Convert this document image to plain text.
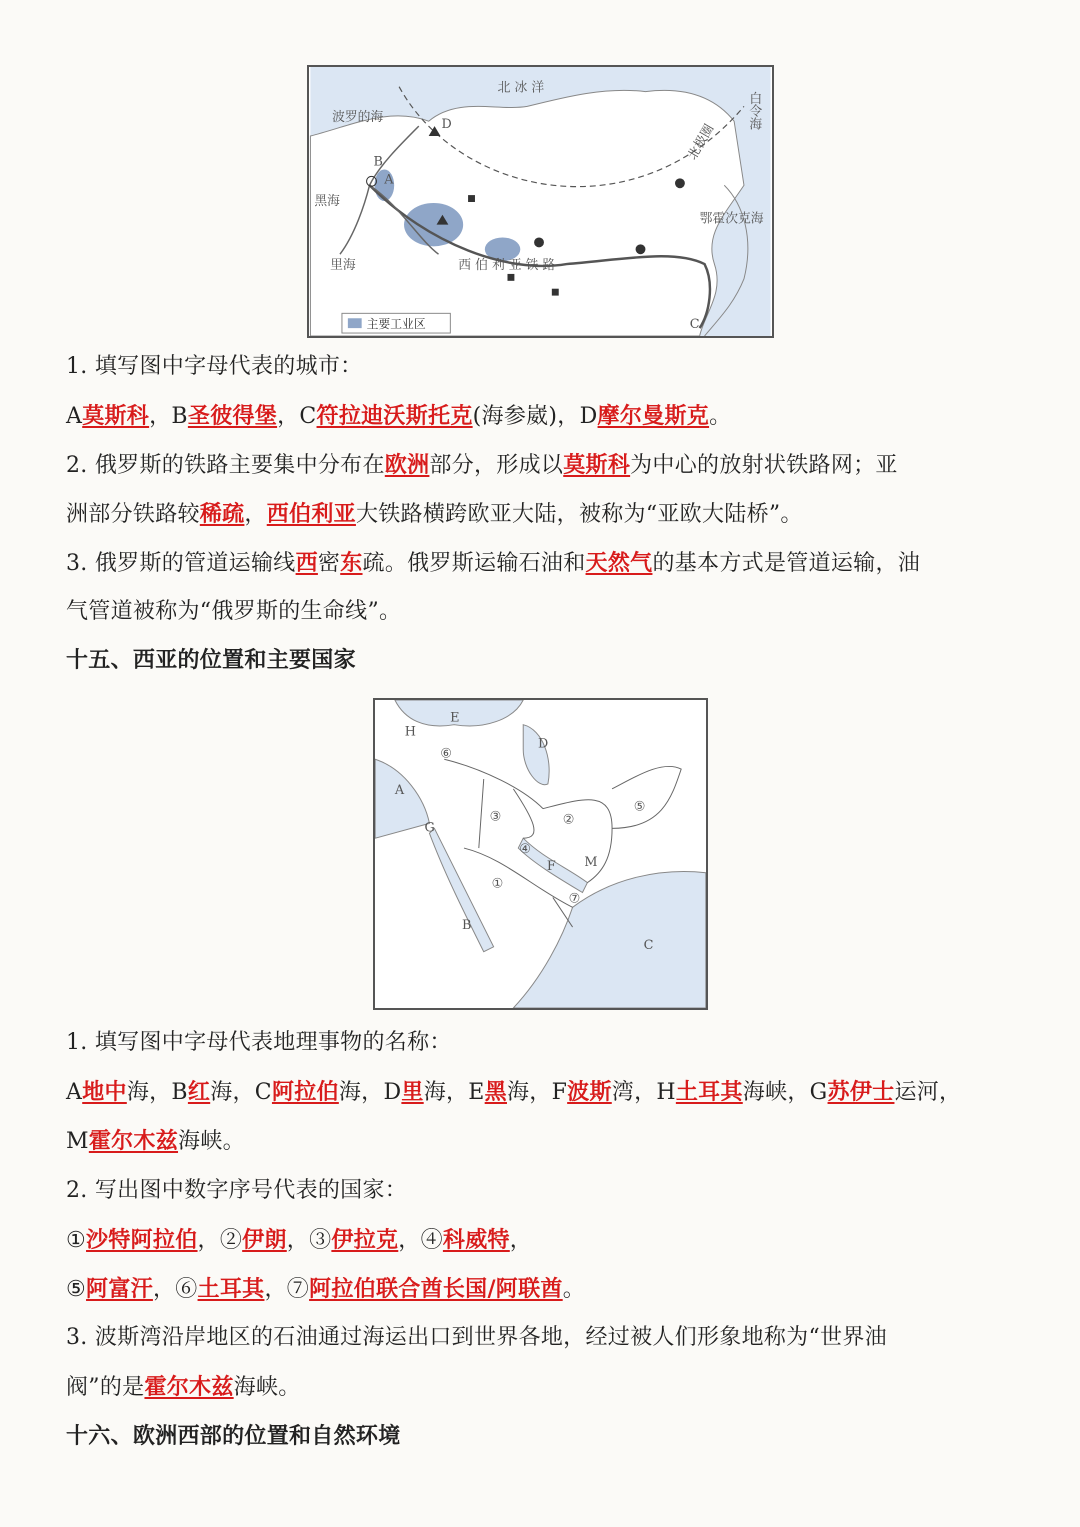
主要工业区
北 冰 洋
北极圈
白令海
波罗的海
黑海
里海
鄂霍次克海
西 伯 利 亚 铁 路
A
B
C
D
1. 填写图中字母代表的城市：
A莫斯科，B圣彼得堡，C符拉迪沃斯托克(海参崴)，D摩尔曼斯克。
2. 俄罗斯的铁路主要集中分布在欧洲部分，形成以莫斯科为中心的放射状铁路网；亚
洲部分铁路较稀疏，西伯利亚大铁路横跨欧亚大陆，被称为“亚欧大陆桥”。
3. 俄罗斯的管道运输线西密东疏。俄罗斯运输石油和天然气的基本方式是管道运输，油
气管道被称为“俄罗斯的生命线”。
十五、西亚的位置和主要国家
E
H
D
A
G
F M
B
C
⑥
③	②
⑤
④
①
⑦
1. 填写图中字母代表地理事物的名称：
A地中海，B红海，C阿拉伯海，D里海，E黑海，F波斯湾，H土耳其海峡，G苏伊士运河，
M霍尔木兹海峡。
2. 写出图中数字序号代表的国家：
①沙特阿拉伯，②伊朗，③伊拉克，④科威特，
⑤阿富汗，⑥土耳其，⑦阿拉伯联合酋长国/阿联酋。
3. 波斯湾沿岸地区的石油通过海运出口到世界各地，经过被人们形象地称为“世界油
阀”的是霍尔木兹海峡。
十六、欧洲西部的位置和自然环境
